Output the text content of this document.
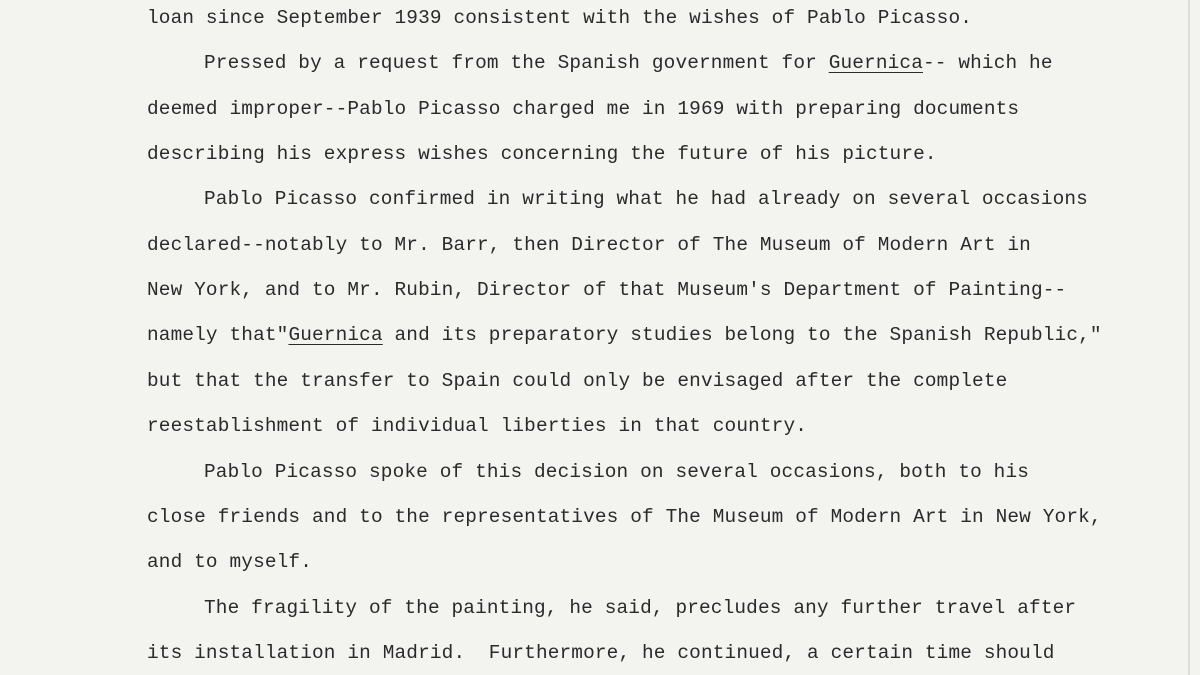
loan since September 1939 consistent with the wishes of Pablo Picasso.
Pressed by a request from the Spanish government for Guernica-- which he
deemed improper--Pablo Picasso charged me in 1969 with preparing documents
describing his express wishes concerning the future of his picture.
Pablo Picasso confirmed in writing what he had already on several occasions
declared--notably to Mr. Barr, then Director of The Museum of Modern Art in
New York, and to Mr. Rubin, Director of that Museum's Department of Painting--
namely that"Guernica and its preparatory studies belong to the Spanish Republic,"
but that the transfer to Spain could only be envisaged after the complete
reestablishment of individual liberties in that country.
Pablo Picasso spoke of this decision on several occasions, both to his
close friends and to the representatives of The Museum of Modern Art in New York,
and to myself.
The fragility of the painting, he said, precludes any further travel after
its installation in Madrid.  Furthermore, he continued, a certain time should
